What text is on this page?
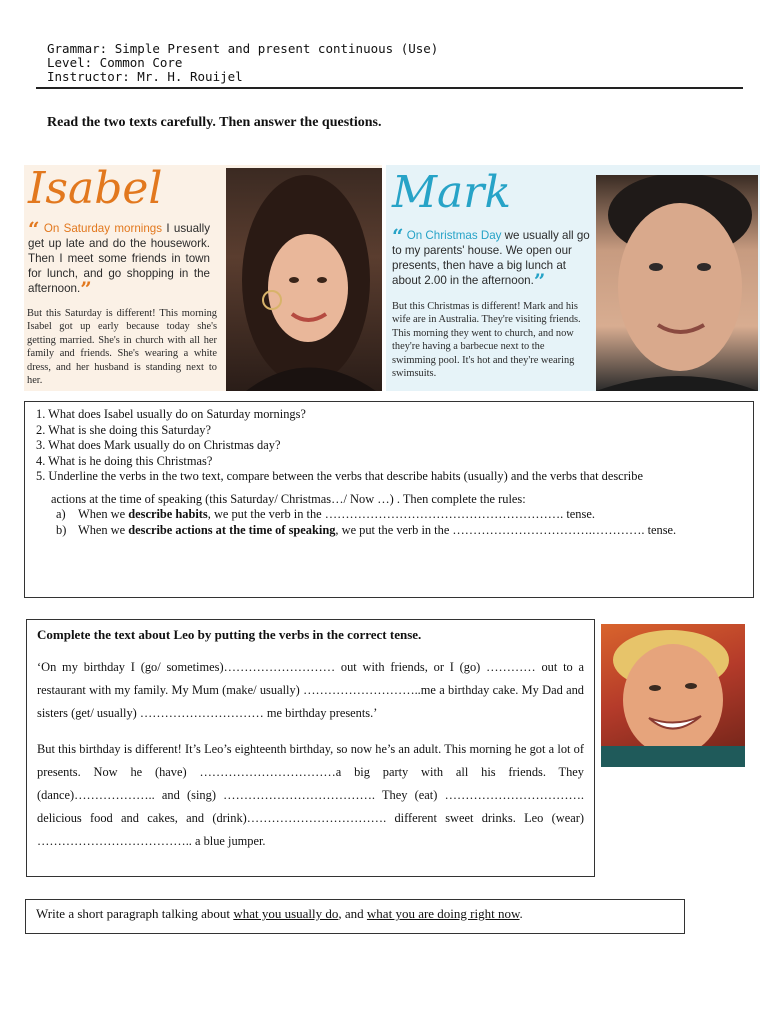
Grammar: Simple Present and present continuous (Use)
Level: Common Core
Instructor: Mr. H. Rouijel
Read the two texts carefully. Then answer the questions.
Isabel
“ On Saturday mornings I usually get up late and do the housework. Then I meet some friends in town for lunch, and go shopping in the afternoon.”
But this Saturday is different! This morning Isabel got up early because today she's getting married. She's in church with all her family and friends. She's wearing a white dress, and her husband is standing next to her.
Mark
“ On Christmas Day we usually all go to my parents' house. We open our presents, then have a big lunch at about 2.00 in the afternoon.”
But this Christmas is different! Mark and his wife are in Australia. They're visiting friends. This morning they went to church, and now they're having a barbecue next to the swimming pool. It's hot and they're wearing swimsuits.
1. What does Isabel usually do on Saturday mornings?
2. What is she doing this Saturday?
3. What does Mark usually do on Christmas day?
4. What is he doing this Christmas?
5. Underline the verbs in the two text, compare between the verbs that describe habits (usually) and the verbs that describe
actions at the time of speaking (this Saturday/ Christmas…/ Now …) . Then complete the rules:
a) When we describe habits, we put the verb in the …………………………………………………. tense.
b) When we describe actions at the time of speaking, we put the verb in the …………………………….…………. tense.
Complete the text about Leo by putting the verbs in the correct tense.
‘On my birthday I (go/ sometimes)……………………… out with friends, or I (go) ………… out to a restaurant with my family. My Mum (make/ usually) ………………………..me a birthday cake. My Dad and sisters (get/ usually) ………………………… me birthday presents.’
But this birthday is different! It’s Leo’s eighteenth birthday, so now he’s an adult. This morning he got a lot of presents. Now he (have) ……………………………a big party with all his friends. They (dance)……………….. and (sing) ………………………………. They (eat) ……………………………. delicious food and cakes, and (drink)……………………………. different sweet drinks. Leo (wear) ……………………………….. a blue jumper.
Write a short paragraph talking about what you usually do, and what you are doing right now.
